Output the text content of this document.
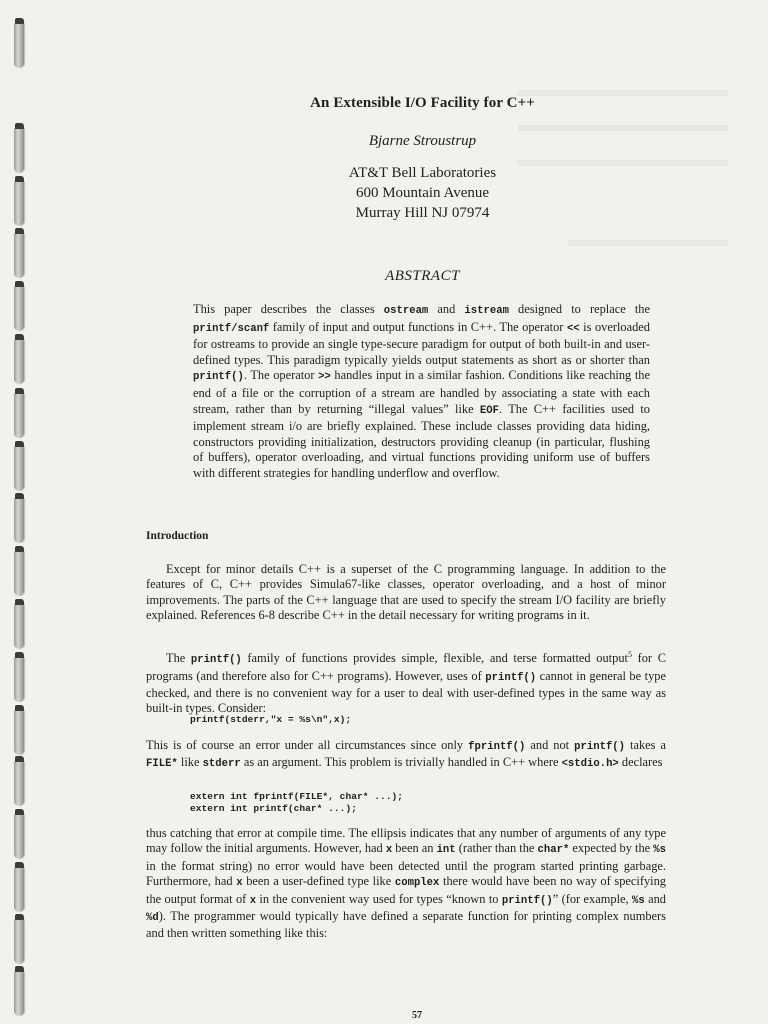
An Extensible I/O Facility for C++
Bjarne Stroustrup
AT&T Bell Laboratories
600 Mountain Avenue
Murray Hill NJ 07974
ABSTRACT
This paper describes the classes ostream and istream designed to replace the printf/scanf family of input and output functions in C++. The operator << is overloaded for ostreams to provide an single type-secure paradigm for output of both built-in and user-defined types. This paradigm typically yields output statements as short as or shorter than printf(). The operator >> handles input in a similar fashion. Conditions like reaching the end of a file or the corruption of a stream are handled by associating a state with each stream, rather than by returning “illegal values” like EOF. The C++ facilities used to implement stream i/o are briefly explained. These include classes providing data hiding, constructors providing initialization, destructors providing cleanup (in particular, flushing of buffers), operator overloading, and virtual functions providing uniform use of buffers with different strategies for handling underflow and overflow.
Introduction
Except for minor details C++ is a superset of the C programming language. In addition to the features of C, C++ provides Simula67-like classes, operator overloading, and a host of minor improvements. The parts of the C++ language that are used to specify the stream I/O facility are briefly explained. References 6-8 describe C++ in the detail necessary for writing programs in it.
The printf() family of functions provides simple, flexible, and terse formatted output$^5$ for C programs (and therefore also for C++ programs). However, uses of printf() cannot in general be type checked, and there is no convenient way for a user to deal with user-defined types in the same way as built-in types. Consider:
printf(stderr,"x = %s\n",x);
This is of course an error under all circumstances since only fprintf() and not printf() takes a FILE* like stderr as an argument. This problem is trivially handled in C++ where <stdio.h> declares
extern int fprintf(FILE*, char* ...);
extern int printf(char* ...);
thus catching that error at compile time. The ellipsis indicates that any number of arguments of any type may follow the initial arguments. However, had x been an int (rather than the char* expected by the %s in the format string) no error would have been detected until the program started printing garbage. Furthermore, had x been a user-defined type like complex there would have been no way of specifying the output format of x in the convenient way used for types “known to printf()” (for example, %s and %d). The programmer would typically have defined a separate function for printing complex numbers and then written something like this:
57
